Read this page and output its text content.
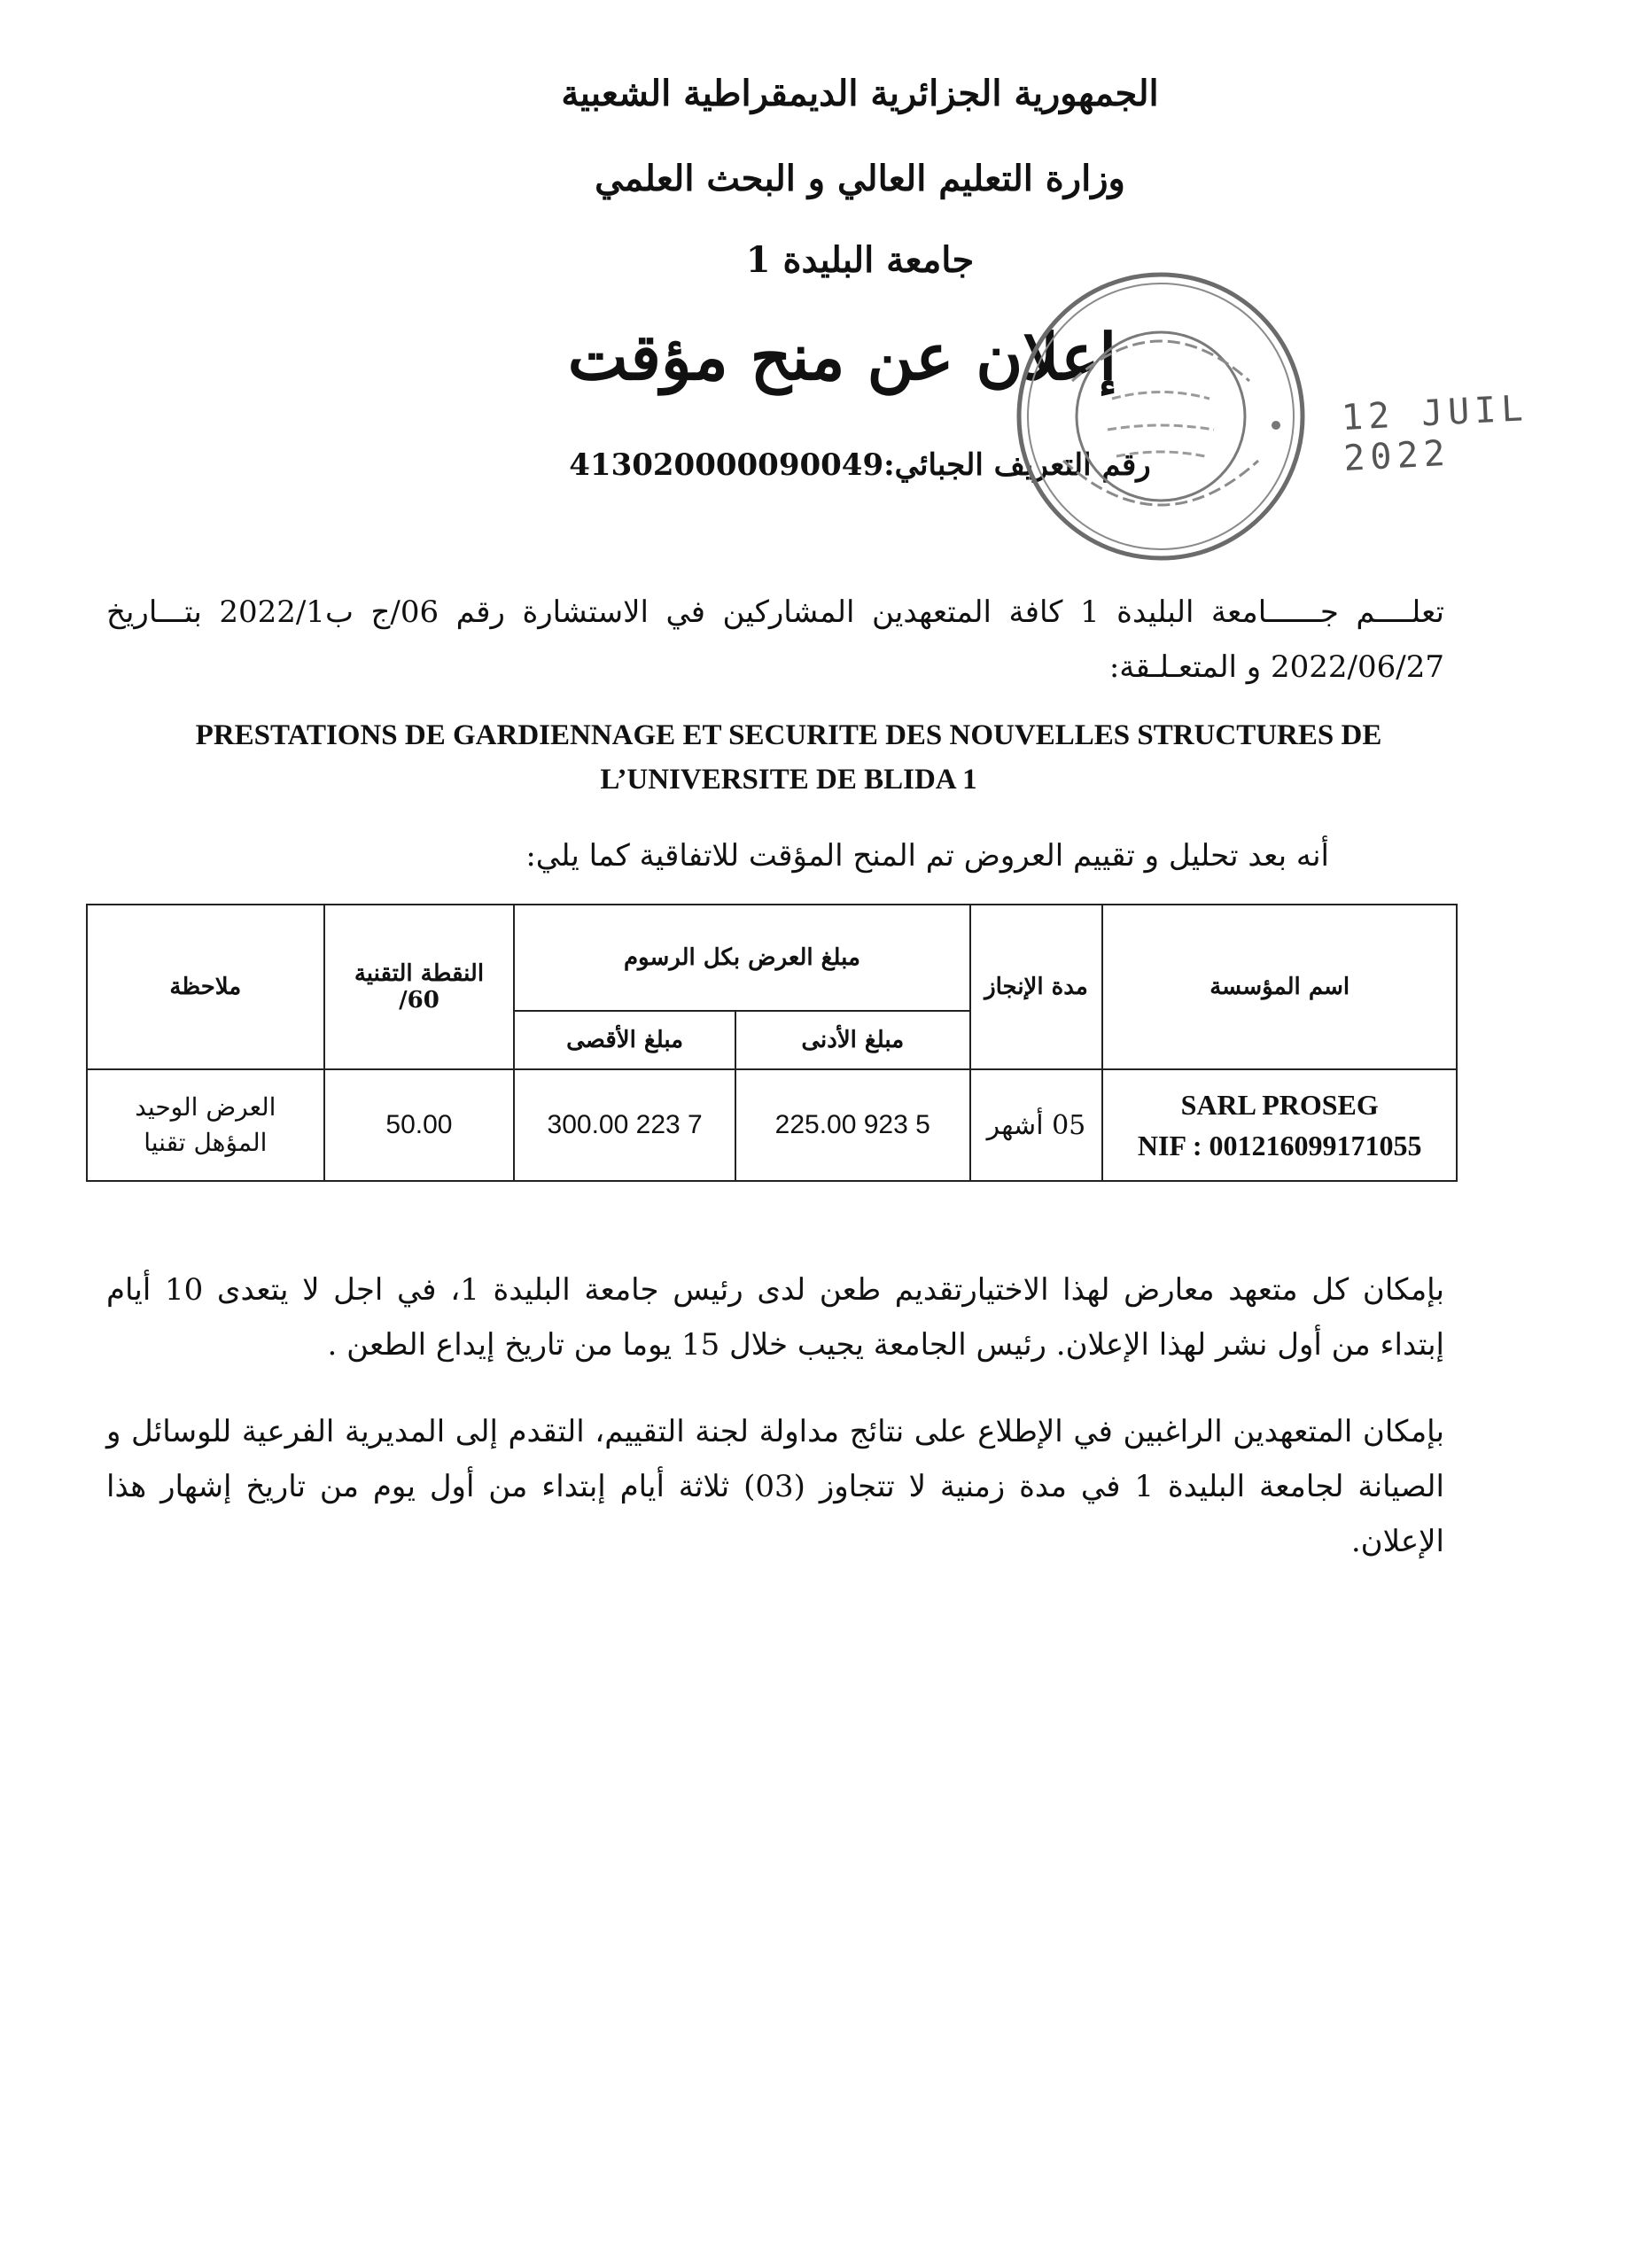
الجمهورية الجزائرية الديمقراطية الشعبية
وزارة التعليم العالي و البحث العلمي
جامعة البليدة 1
إعلان عن منح مؤقت
رقم التعريف الجبائي:413020000090049
12 JUIL 2022
تعلــــم جــــــامعة البليدة 1 كافة المتعهدين المشاركين في الاستشارة رقم 06/ج ب2022/1 بتـــاريخ 2022/06/27 و المتعـلـقة:
PRESTATIONS DE GARDIENNAGE ET SECURITE DES NOUVELLES STRUCTURES DE L’UNIVERSITE DE BLIDA 1
أنه بعد تحليل و تقييم العروض تم المنح المؤقت للاتفاقية كما يلي:
اسم المؤسسة	مدة الإنجاز	مبلغ العرض بكل الرسوم		النقطة التقنية 60/	ملاحظة
		مبلغ الأدنى	مبلغ الأقصى		

SARL PROSEG
NIF : 001216099171055	05 أشهر	5 923 225.00	7 223 300.00	50.00	العرض الوحيد المؤهل تقنيا
بإمكان كل متعهد معارض لهذا الاختيارتقديم طعن لدى رئيس جامعة البليدة 1، في اجل لا يتعدى 10 أيام إبتداء من أول نشر لهذا الإعلان. رئيس الجامعة يجيب خلال 15 يوما من تاريخ إيداع الطعن .
بإمكان المتعهدين الراغبين في الإطلاع على نتائج مداولة لجنة التقييم، التقدم إلى المديرية الفرعية للوسائل و الصيانة لجامعة البليدة 1 في مدة زمنية لا تتجاوز (03) ثلاثة أيام إبتداء من أول يوم من تاريخ إشهار هذا الإعلان.
